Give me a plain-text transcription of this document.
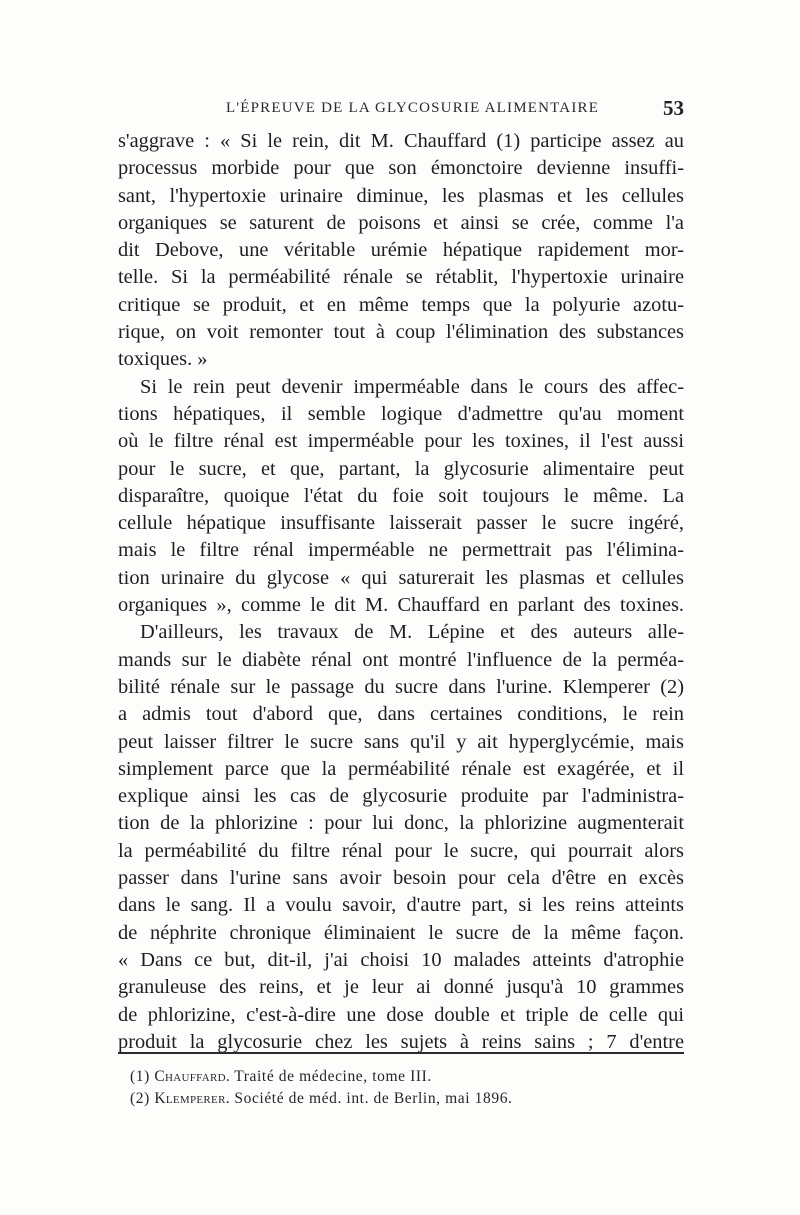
L'ÉPREUVE DE LA GLYCOSURIE ALIMENTAIRE	53
s'aggrave : « Si le rein, dit M. Chauffard (1) participe assez au
processus morbide pour que son émonctoire devienne insuffi-
sant, l'hypertoxie urinaire diminue, les plasmas et les cellules
organiques se saturent de poisons et ainsi se crée, comme l'a
dit Debove, une véritable urémie hépatique rapidement mor-
telle. Si la perméabilité rénale se rétablit, l'hypertoxie urinaire
critique se produit, et en même temps que la polyurie azotu-
rique, on voit remonter tout à coup l'élimination des substances
toxiques. »
Si le rein peut devenir imperméable dans le cours des affec-
tions hépatiques, il semble logique d'admettre qu'au moment
où le filtre rénal est imperméable pour les toxines, il l'est aussi
pour le sucre, et que, partant, la glycosurie alimentaire peut
disparaître, quoique l'état du foie soit toujours le même. La
cellule hépatique insuffisante laisserait passer le sucre ingéré,
mais le filtre rénal imperméable ne permettrait pas l'élimina-
tion urinaire du glycose « qui saturerait les plasmas et cellules
organiques », comme le dit M. Chauffard en parlant des toxines.
D'ailleurs, les travaux de M. Lépine et des auteurs alle-
mands sur le diabète rénal ont montré l'influence de la perméa-
bilité rénale sur le passage du sucre dans l'urine. Klemperer (2)
a admis tout d'abord que, dans certaines conditions, le rein
peut laisser filtrer le sucre sans qu'il y ait hyperglycémie, mais
simplement parce que la perméabilité rénale est exagérée, et il
explique ainsi les cas de glycosurie produite par l'administra-
tion de la phlorizine : pour lui donc, la phlorizine augmenterait
la perméabilité du filtre rénal pour le sucre, qui pourrait alors
passer dans l'urine sans avoir besoin pour cela d'être en excès
dans le sang. Il a voulu savoir, d'autre part, si les reins atteints
de néphrite chronique éliminaient le sucre de la même façon.
« Dans ce but, dit-il, j'ai choisi 10 malades atteints d'atrophie
granuleuse des reins, et je leur ai donné jusqu'à 10 grammes
de phlorizine, c'est-à-dire une dose double et triple de celle qui
produit la glycosurie chez les sujets à reins sains ; 7 d'entre
(1) Chauffard. Traité de médecine, tome III.
(2) Klemperer. Société de méd. int. de Berlin, mai 1896.
